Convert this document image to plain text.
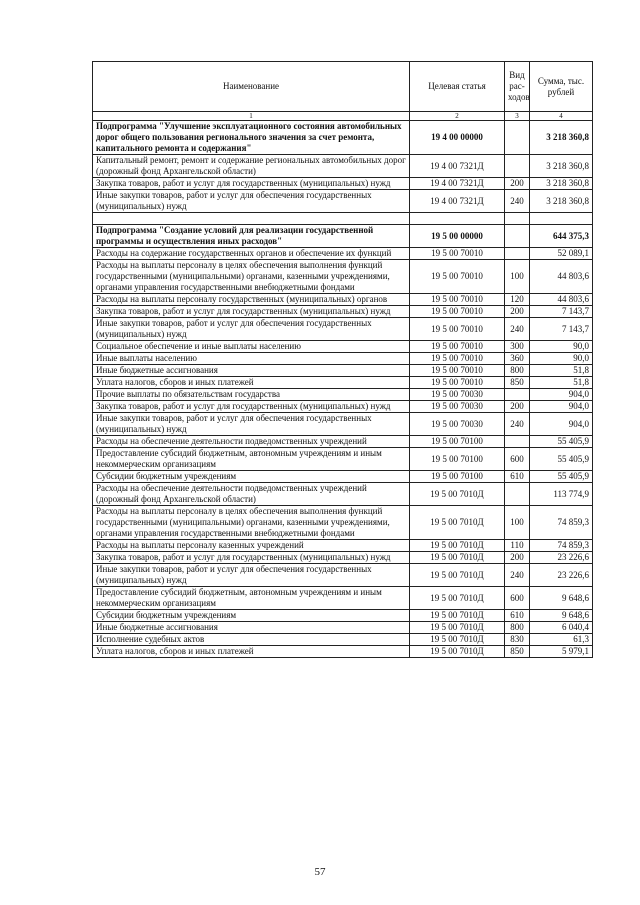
Наименование	Целевая статья	Вид рас-ходов	Сумма, тыс. рублей
1	2	3	4
Подпрограмма "Улучшение эксплуатационного состояния автомобильных дорог общего пользования регионального значения за счет ремонта, капитального ремонта и содержания"	19 4 00 00000		3 218 360,8
Капитальный ремонт, ремонт и содержание региональных автомобильных дорог (дорожный фонд Архангельской области)	19 4 00 7321Д		3 218 360,8
Закупка товаров, работ и услуг для государственных (муниципальных) нужд	19 4 00 7321Д	200	3 218 360,8
Иные закупки товаров, работ и услуг для обеспечения государственных (муниципальных) нужд	19 4 00 7321Д	240	3 218 360,8

Подпрограмма "Создание условий для реализации государственной программы и осуществления иных расходов"	19 5 00 00000		644 375,3
Расходы на содержание государственных органов и обеспечение их функций	19 5 00 70010		52 089,1
Расходы на выплаты персоналу в целях обеспечения выполнения функций государственными (муниципальными) органами, казенными учреждениями, органами управления государственными внебюджетными фондами	19 5 00 70010	100	44 803,6
Расходы на выплаты персоналу государственных (муниципальных) органов	19 5 00 70010	120	44 803,6
Закупка товаров, работ и услуг для государственных (муниципальных) нужд	19 5 00 70010	200	7 143,7
Иные закупки товаров, работ и услуг для обеспечения государственных (муниципальных) нужд	19 5 00 70010	240	7 143,7
Социальное обеспечение и иные выплаты населению	19 5 00 70010	300	90,0
Иные выплаты населению	19 5 00 70010	360	90,0
Иные бюджетные ассигнования	19 5 00 70010	800	51,8
Уплата налогов, сборов и иных платежей	19 5 00 70010	850	51,8
Прочие выплаты по обязательствам государства	19 5 00 70030		904,0
Закупка товаров, работ и услуг для государственных (муниципальных) нужд	19 5 00 70030	200	904,0
Иные закупки товаров, работ и услуг для обеспечения государственных (муниципальных) нужд	19 5 00 70030	240	904,0
Расходы на обеспечение деятельности подведомственных учреждений	19 5 00 70100		55 405,9
Предоставление субсидий бюджетным, автономным учреждениям и иным некоммерческим организациям	19 5 00 70100	600	55 405,9
Субсидии бюджетным учреждениям	19 5 00 70100	610	55 405,9
Расходы на обеспечение деятельности подведомственных учреждений (дорожный фонд Архангельской области)	19 5 00 7010Д		113 774,9
Расходы на выплаты персоналу в целях обеспечения выполнения функций государственными (муниципальными) органами, казенными учреждениями, органами управления государственными внебюджетными фондами	19 5 00 7010Д	100	74 859,3
Расходы на выплаты персоналу казенных учреждений	19 5 00 7010Д	110	74 859,3
Закупка товаров, работ и услуг для государственных (муниципальных) нужд	19 5 00 7010Д	200	23 226,6
Иные закупки товаров, работ и услуг для обеспечения государственных (муниципальных) нужд	19 5 00 7010Д	240	23 226,6
Предоставление субсидий бюджетным, автономным учреждениям и иным некоммерческим организациям	19 5 00 7010Д	600	9 648,6
Субсидии бюджетным учреждениям	19 5 00 7010Д	610	9 648,6
Иные бюджетные ассигнования	19 5 00 7010Д	800	6 040,4
Исполнение судебных актов	19 5 00 7010Д	830	61,3
Уплата налогов, сборов и иных платежей	19 5 00 7010Д	850	5 979,1
57
